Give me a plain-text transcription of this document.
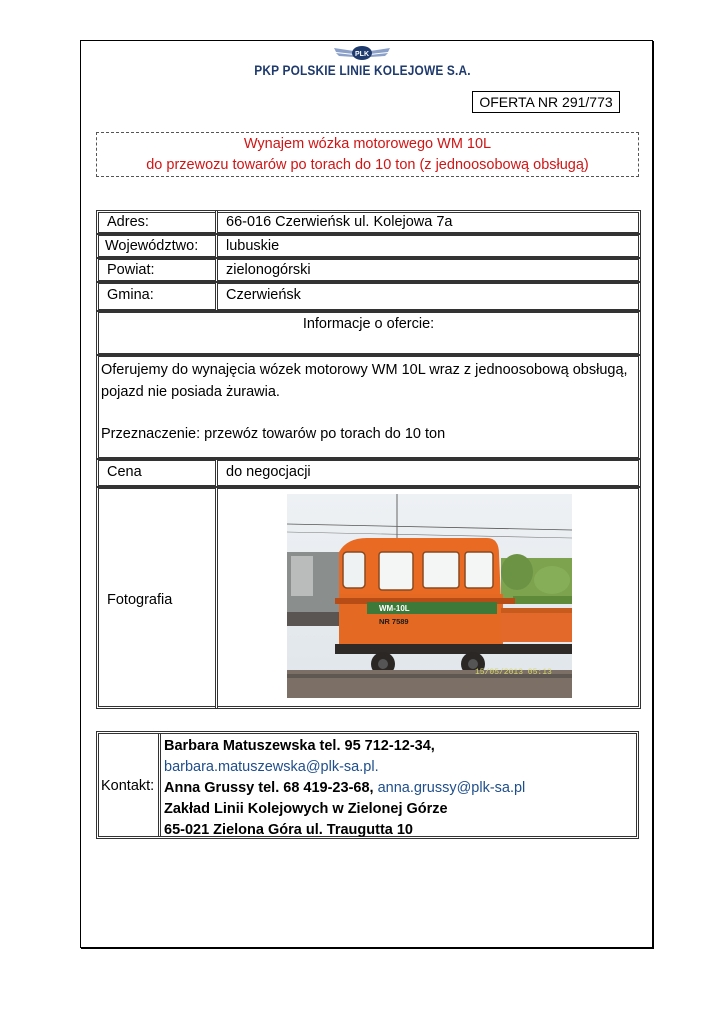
PLK
PKP POLSKIE LINIE KOLEJOWE S.A.
OFERTA NR 291/773
Wynajem wózka motorowego WM 10L
do przewozu towarów po torach do 10 ton (z jednoosobową obsługą)
Adres:	66-016 Czerwieńsk ul. Kolejowa 7a
Województwo:	lubuskie
Powiat:	zielonogórski
Gmina:	Czerwieńsk
Informacje o ofercie:

Oferujemy do wynajęcia wózek motorowy WM 10L wraz z jednoosobową obsługą, pojazd nie posiada żurawia.

Przeznaczenie: przewóz towarów po torach do 10 ton

Cena	do negocjacji
Fotografia
WM-10L
NR 7589
15/05/2013 05:13
Kontakt:
Barbara Matuszewska tel. 95 712-12-34,
barbara.matuszewska@plk-sa.pl.
Anna Grussy tel. 68 419-23-68, anna.grussy@plk-sa.pl
Zakład Linii Kolejowych w Zielonej Górze
65-021 Zielona Góra ul. Traugutta 10
